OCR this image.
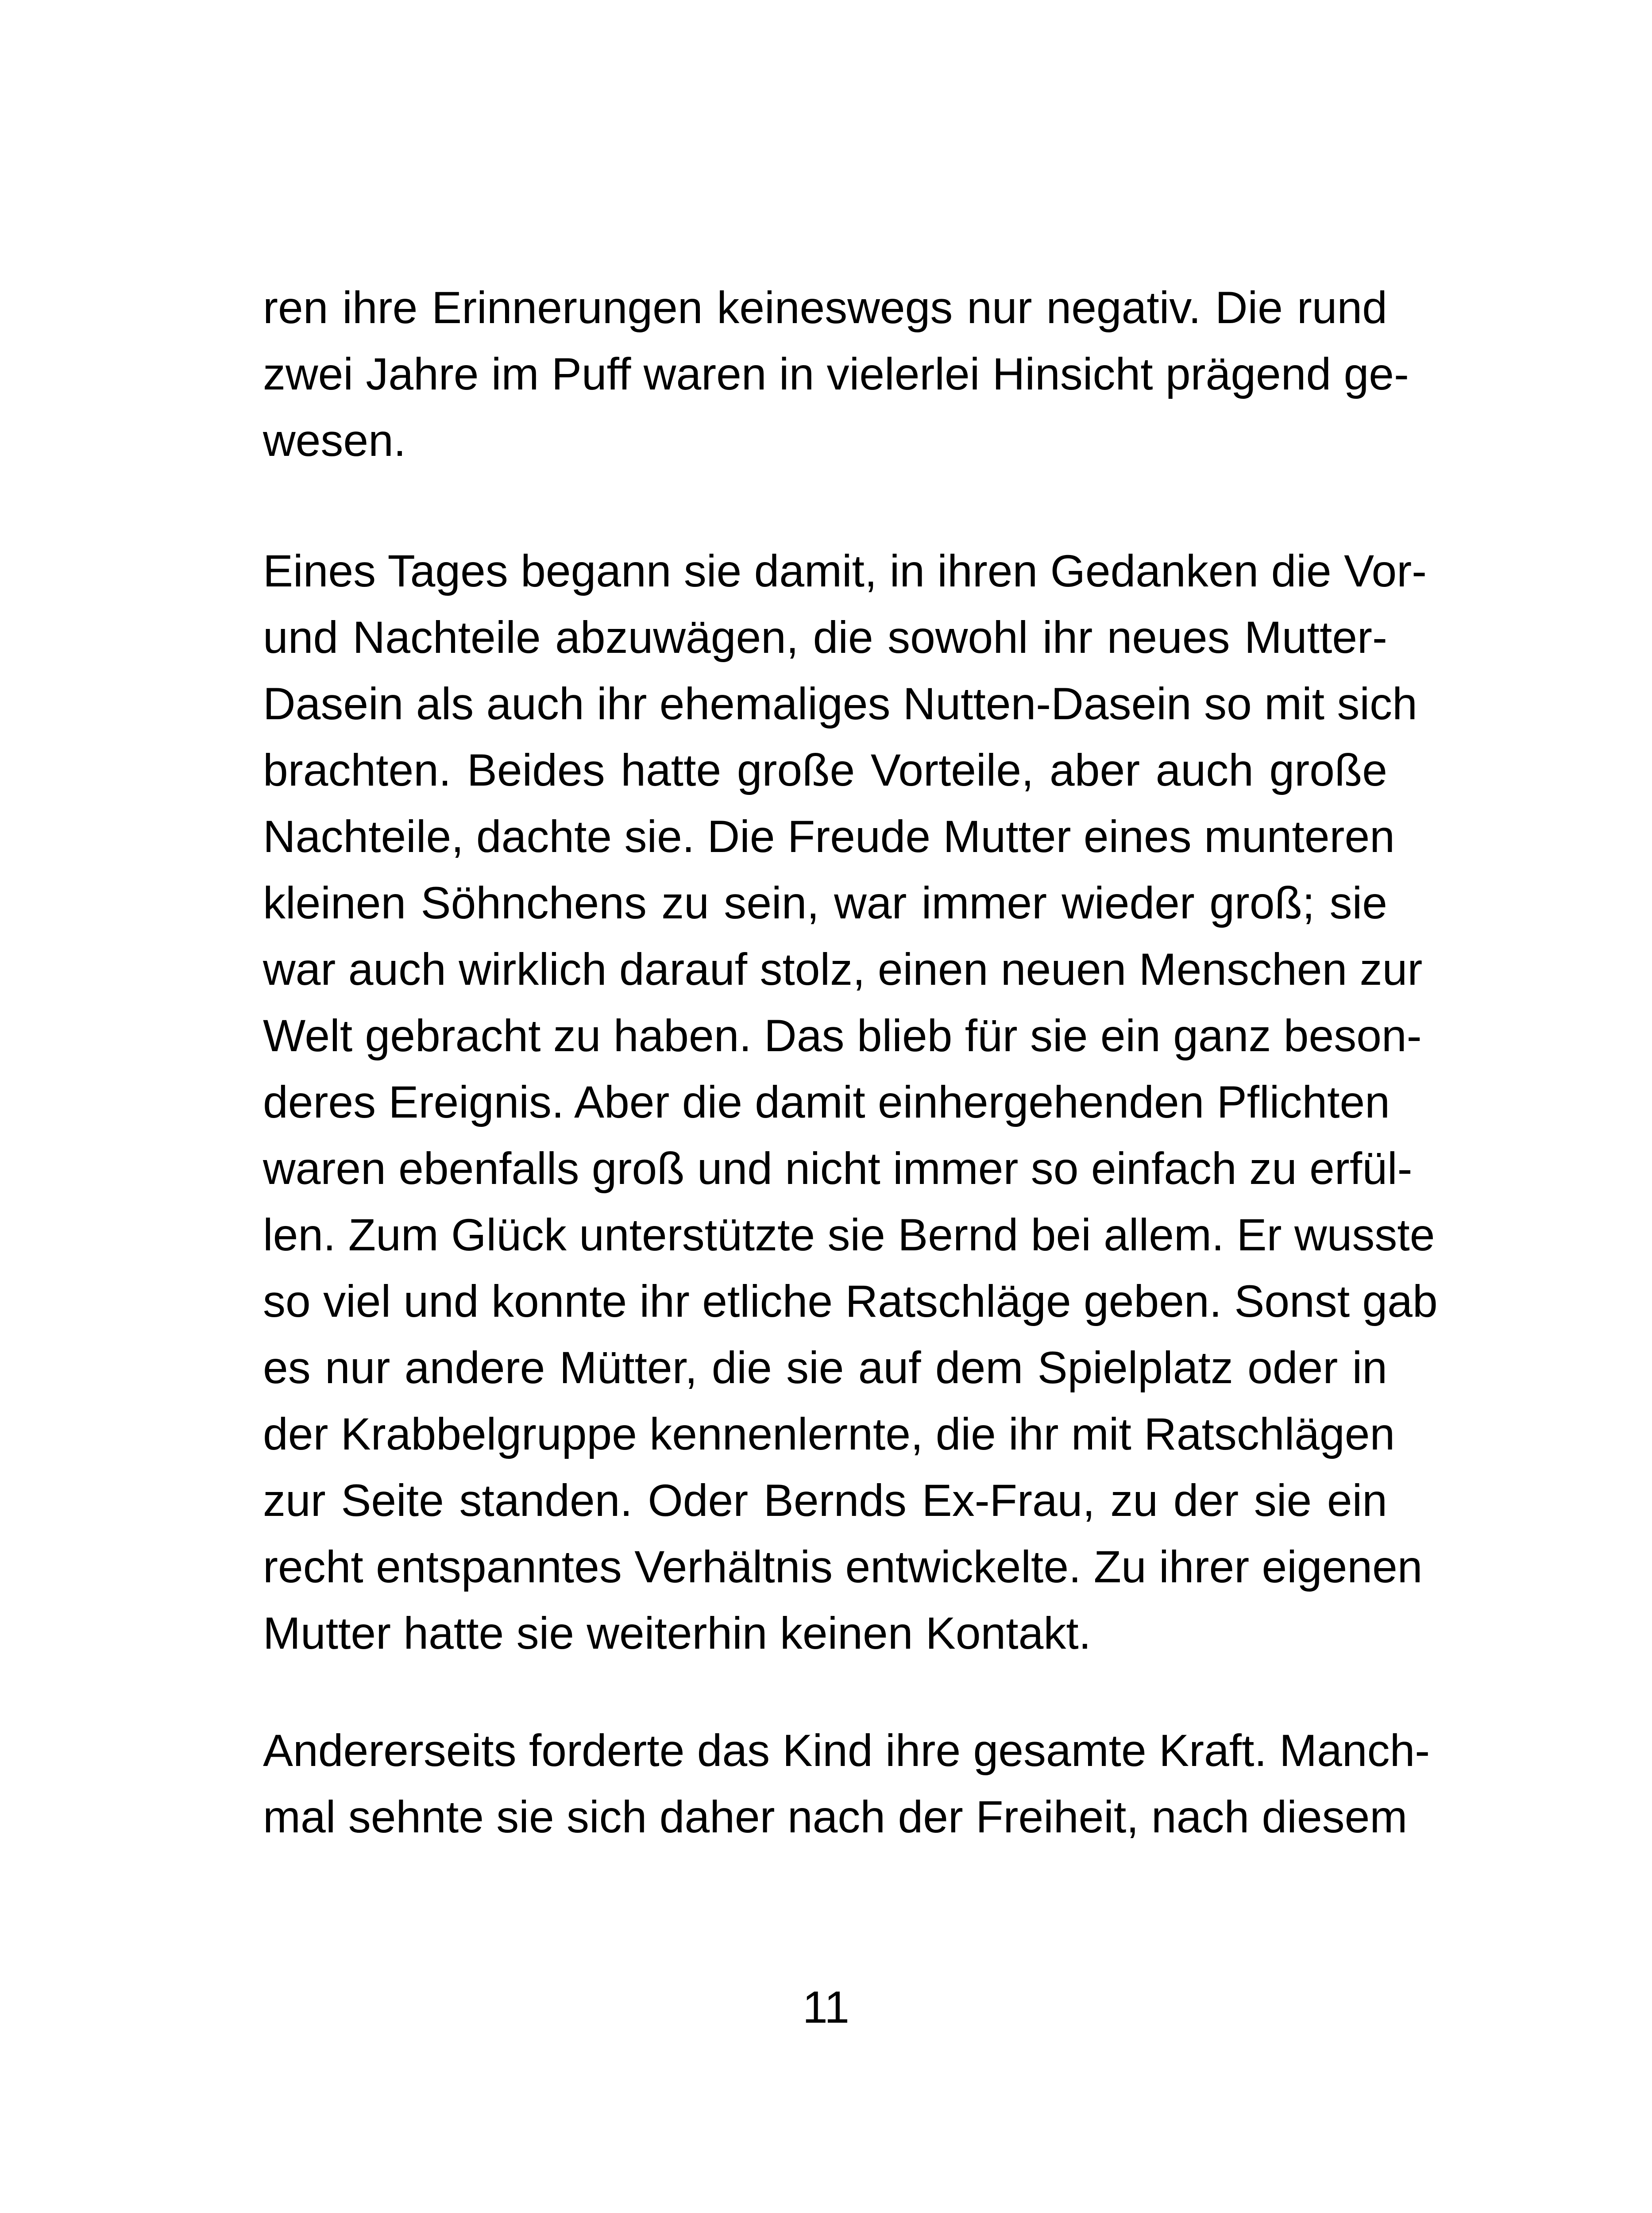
ren ihre Erinnerungen keineswegs nur negativ. Die rund
zwei Jahre im Puff waren in vielerlei Hinsicht prägend ge-
wesen.
Eines Tages begann sie damit, in ihren Gedanken die Vor-
und Nachteile abzuwägen, die sowohl ihr neues Mutter-
Dasein als auch ihr ehemaliges Nutten-Dasein so mit sich
brachten. Beides hatte große Vorteile, aber auch große
Nachteile, dachte sie. Die Freude Mutter eines munteren
kleinen Söhnchens zu sein, war immer wieder groß; sie
war auch wirklich darauf stolz, einen neuen Menschen zur
Welt gebracht zu haben. Das blieb für sie ein ganz beson-
deres Ereignis. Aber die damit einhergehenden Pflichten
waren ebenfalls groß und nicht immer so einfach zu erfül-
len. Zum Glück unterstützte sie Bernd bei allem. Er wusste
so viel und konnte ihr etliche Ratschläge geben. Sonst gab
es nur andere Mütter, die sie auf dem Spielplatz oder in
der Krabbelgruppe kennenlernte, die ihr mit Ratschlägen
zur Seite standen. Oder Bernds Ex-Frau, zu der sie ein
recht entspanntes Verhältnis entwickelte. Zu ihrer eigenen
Mutter hatte sie weiterhin keinen Kontakt.
Andererseits forderte das Kind ihre gesamte Kraft. Manch-
mal sehnte sie sich daher nach der Freiheit, nach diesem
11
